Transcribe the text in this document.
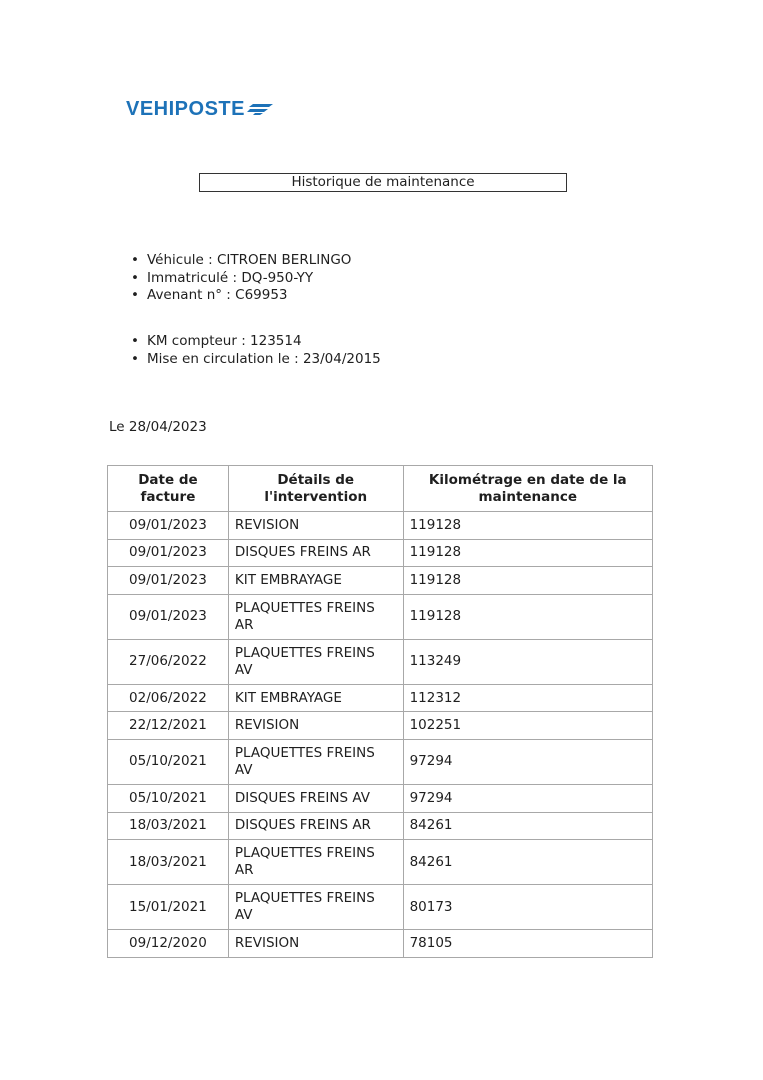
VEHIPOSTE
Historique de maintenance
• Véhicule : CITROEN BERLINGO
• Immatriculé : DQ-950-YY
• Avenant n° : C69953
• KM compteur : 123514
• Mise en circulation le : 23/04/2015
Le 28/04/2023
Date de facture	Détails de l'intervention	Kilométrage en date de la maintenance
09/01/2023	REVISION	119128
09/01/2023	DISQUES FREINS AR	119128
09/01/2023	KIT EMBRAYAGE	119128
09/01/2023	PLAQUETTES FREINS AR	119128
27/06/2022	PLAQUETTES FREINS AV	113249
02/06/2022	KIT EMBRAYAGE	112312
22/12/2021	REVISION	102251
05/10/2021	PLAQUETTES FREINS AV	97294
05/10/2021	DISQUES FREINS AV	97294
18/03/2021	DISQUES FREINS AR	84261
18/03/2021	PLAQUETTES FREINS AR	84261
15/01/2021	PLAQUETTES FREINS AV	80173
09/12/2020	REVISION	78105
